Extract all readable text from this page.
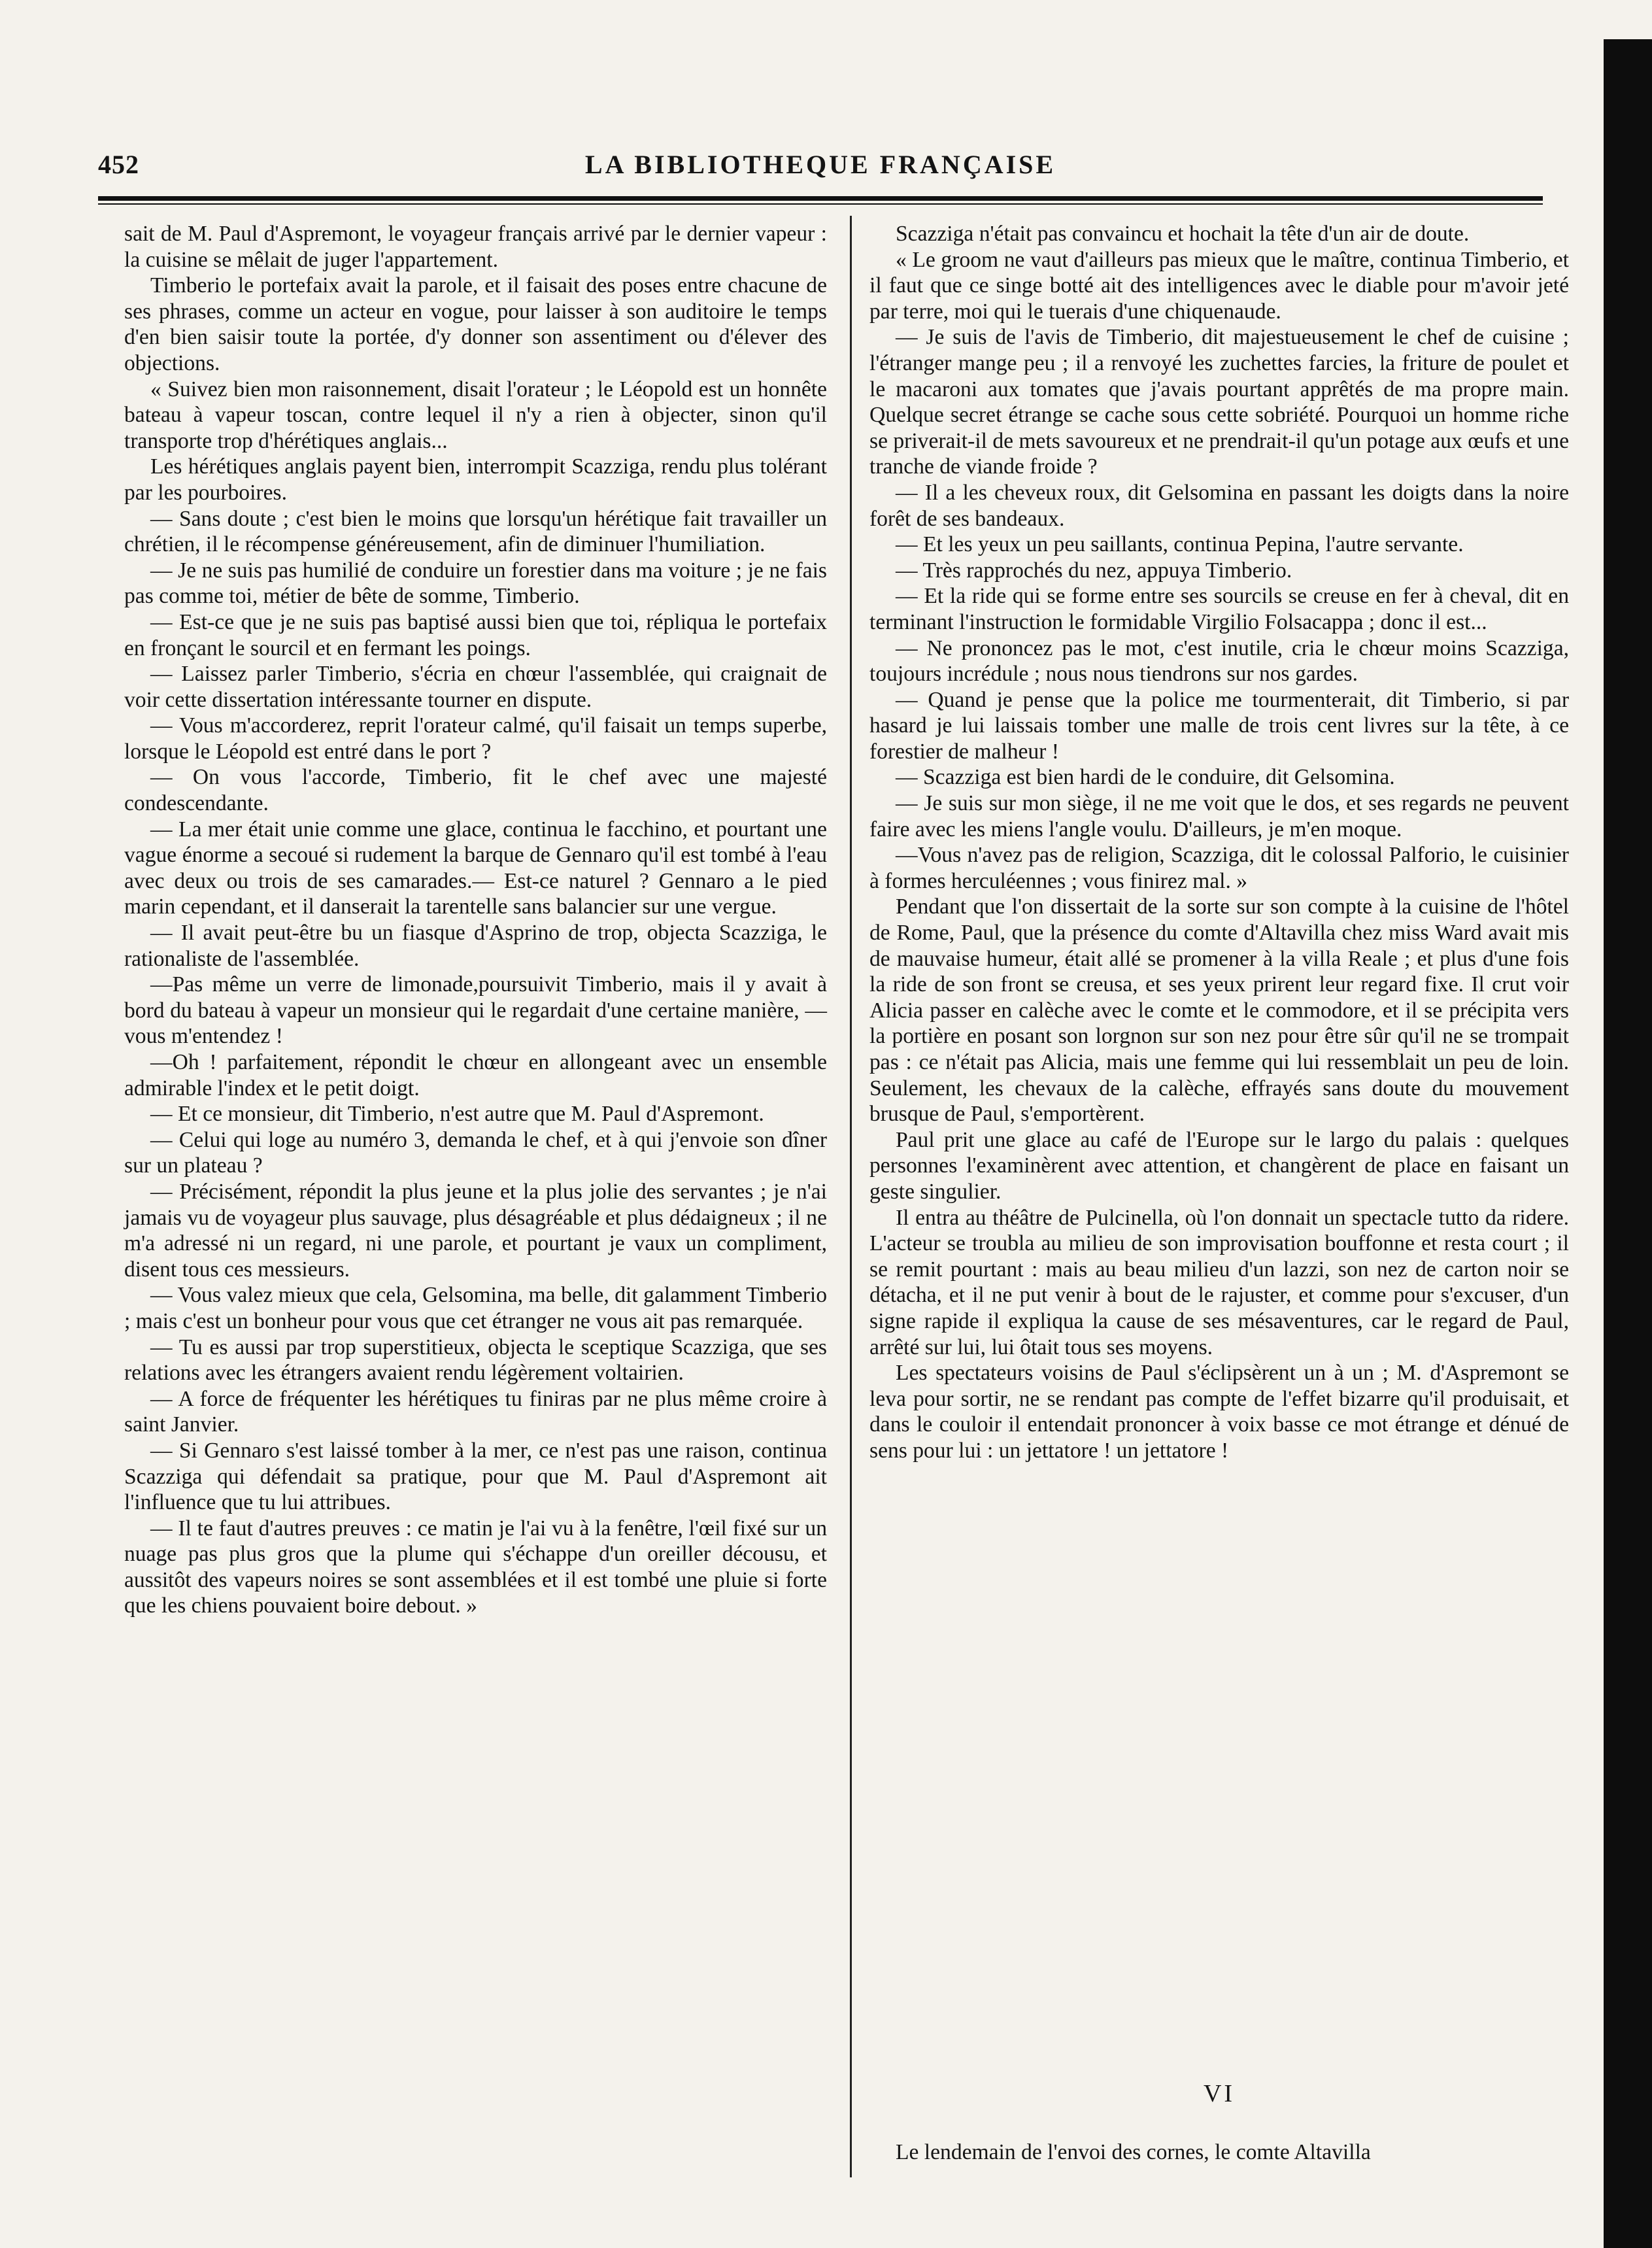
452	LA BIBLIOTHEQUE FRANÇAISE

sait de M. Paul d'Aspremont, le voyageur français arrivé par le dernier vapeur : la cuisine se mêlait de juger l'appartement.

Timberio le portefaix avait la parole, et il faisait des poses entre chacune de ses phrases, comme un acteur en vogue, pour laisser à son auditoire le temps d'en bien saisir toute la portée, d'y donner son assentiment ou d'élever des objections.

« Suivez bien mon raisonnement, disait l'orateur ; le Léopold est un honnête bateau à vapeur toscan, contre lequel il n'y a rien à objecter, sinon qu'il transporte trop d'hérétiques anglais...

Les hérétiques anglais payent bien, interrompit Scazziga, rendu plus tolérant par les pourboires.

— Sans doute ; c'est bien le moins que lorsqu'un hérétique fait travailler un chrétien, il le récompense généreusement, afin de diminuer l'humiliation.

— Je ne suis pas humilié de conduire un forestier dans ma voiture ; je ne fais pas comme toi, métier de bête de somme, Timberio.

— Est-ce que je ne suis pas baptisé aussi bien que toi, répliqua le portefaix en fronçant le sourcil et en fermant les poings.

— Laissez parler Timberio, s'écria en chœur l'assemblée, qui craignait de voir cette dissertation intéressante tourner en dispute.

— Vous m'accorderez, reprit l'orateur calmé, qu'il faisait un temps superbe, lorsque le Léopold est entré dans le port ?

— On vous l'accorde, Timberio, fit le chef avec une majesté condescendante.

— La mer était unie comme une glace, continua le facchino, et pourtant une vague énorme a secoué si rudement la barque de Gennaro qu'il est tombé à l'eau avec deux ou trois de ses camarades.— Est-ce naturel ? Gennaro a le pied marin cependant, et il danserait la tarentelle sans balancier sur une vergue.

— Il avait peut-être bu un fiasque d'Asprino de trop, objecta Scazziga, le rationaliste de l'assemblée.

—Pas même un verre de limonade,poursuivit Timberio, mais il y avait à bord du bateau à vapeur un monsieur qui le regardait d'une certaine manière, — vous m'entendez !

—Oh ! parfaitement, répondit le chœur en allongeant avec un ensemble admirable l'index et le petit doigt.

— Et ce monsieur, dit Timberio, n'est autre que M. Paul d'Aspremont.

— Celui qui loge au numéro 3, demanda le chef, et à qui j'envoie son dîner sur un plateau ?

— Précisément, répondit la plus jeune et la plus jolie des servantes ; je n'ai jamais vu de voyageur plus sauvage, plus désagréable et plus dédaigneux ; il ne m'a adressé ni un regard, ni une parole, et pourtant je vaux un compliment, disent tous ces messieurs.

— Vous valez mieux que cela, Gelsomina, ma belle, dit galamment Timberio ; mais c'est un bonheur pour vous que cet étranger ne vous ait pas remarquée.

— Tu es aussi par trop superstitieux, objecta le sceptique Scazziga, que ses relations avec les étrangers avaient rendu légèrement voltairien.

— A force de fréquenter les hérétiques tu finiras par ne plus même croire à saint Janvier.

— Si Gennaro s'est laissé tomber à la mer, ce n'est pas une raison, continua Scazziga qui défendait sa pratique, pour que M. Paul d'Aspremont ait l'influence que tu lui attribues.

— Il te faut d'autres preuves : ce matin je l'ai vu à la fenêtre, l'œil fixé sur un nuage pas plus gros que la plume qui s'échappe d'un oreiller décousu, et aussitôt des vapeurs noires se sont assemblées et il est tombé une pluie si forte que les chiens pouvaient boire debout. »

Scazziga n'était pas convaincu et hochait la tête d'un air de doute.

« Le groom ne vaut d'ailleurs pas mieux que le maître, continua Timberio, et il faut que ce singe botté ait des intelligences avec le diable pour m'avoir jeté par terre, moi qui le tuerais d'une chiquenaude.

— Je suis de l'avis de Timberio, dit majestueusement le chef de cuisine ; l'étranger mange peu ; il a renvoyé les zuchettes farcies, la friture de poulet et le macaroni aux tomates que j'avais pourtant apprêtés de ma propre main. Quelque secret étrange se cache sous cette sobriété. Pourquoi un homme riche se priverait-il de mets savoureux et ne prendrait-il qu'un potage aux œufs et une tranche de viande froide ?

— Il a les cheveux roux, dit Gelsomina en passant les doigts dans la noire forêt de ses bandeaux.

— Et les yeux un peu saillants, continua Pepina, l'autre servante.

— Très rapprochés du nez, appuya Timberio.

— Et la ride qui se forme entre ses sourcils se creuse en fer à cheval, dit en terminant l'instruction le formidable Virgilio Folsacappa ; donc il est...

— Ne prononcez pas le mot, c'est inutile, cria le chœur moins Scazziga, toujours incrédule ; nous nous tiendrons sur nos gardes.

— Quand je pense que la police me tourmenterait, dit Timberio, si par hasard je lui laissais tomber une malle de trois cent livres sur la tête, à ce forestier de malheur !

— Scazziga est bien hardi de le conduire, dit Gelsomina.

— Je suis sur mon siège, il ne me voit que le dos, et ses regards ne peuvent faire avec les miens l'angle voulu. D'ailleurs, je m'en moque.

—Vous n'avez pas de religion, Scazziga, dit le colossal Palforio, le cuisinier à formes herculéennes ; vous finirez mal. »

Pendant que l'on dissertait de la sorte sur son compte à la cuisine de l'hôtel de Rome, Paul, que la présence du comte d'Altavilla chez miss Ward avait mis de mauvaise humeur, était allé se promener à la villa Reale ; et plus d'une fois la ride de son front se creusa, et ses yeux prirent leur regard fixe. Il crut voir Alicia passer en calèche avec le comte et le commodore, et il se précipita vers la portière en posant son lorgnon sur son nez pour être sûr qu'il ne se trompait pas : ce n'était pas Alicia, mais une femme qui lui ressemblait un peu de loin. Seulement, les chevaux de la calèche, effrayés sans doute du mouvement brusque de Paul, s'emportèrent.

Paul prit une glace au café de l'Europe sur le largo du palais : quelques personnes l'examinèrent avec attention, et changèrent de place en faisant un geste singulier.

Il entra au théâtre de Pulcinella, où l'on donnait un spectacle tutto da ridere. L'acteur se troubla au milieu de son improvisation bouffonne et resta court ; il se remit pourtant : mais au beau milieu d'un lazzi, son nez de carton noir se détacha, et il ne put venir à bout de le rajuster, et comme pour s'excuser, d'un signe rapide il expliqua la cause de ses mésaventures, car le regard de Paul, arrêté sur lui, lui ôtait tous ses moyens.

Les spectateurs voisins de Paul s'éclipsèrent un à un ; M. d'Aspremont se leva pour sortir, ne se rendant pas compte de l'effet bizarre qu'il produisait, et dans le couloir il entendait prononcer à voix basse ce mot étrange et dénué de sens pour lui : un jettatore ! un jettatore !

VI
Le lendemain de l'envoi des cornes, le comte Altavilla
